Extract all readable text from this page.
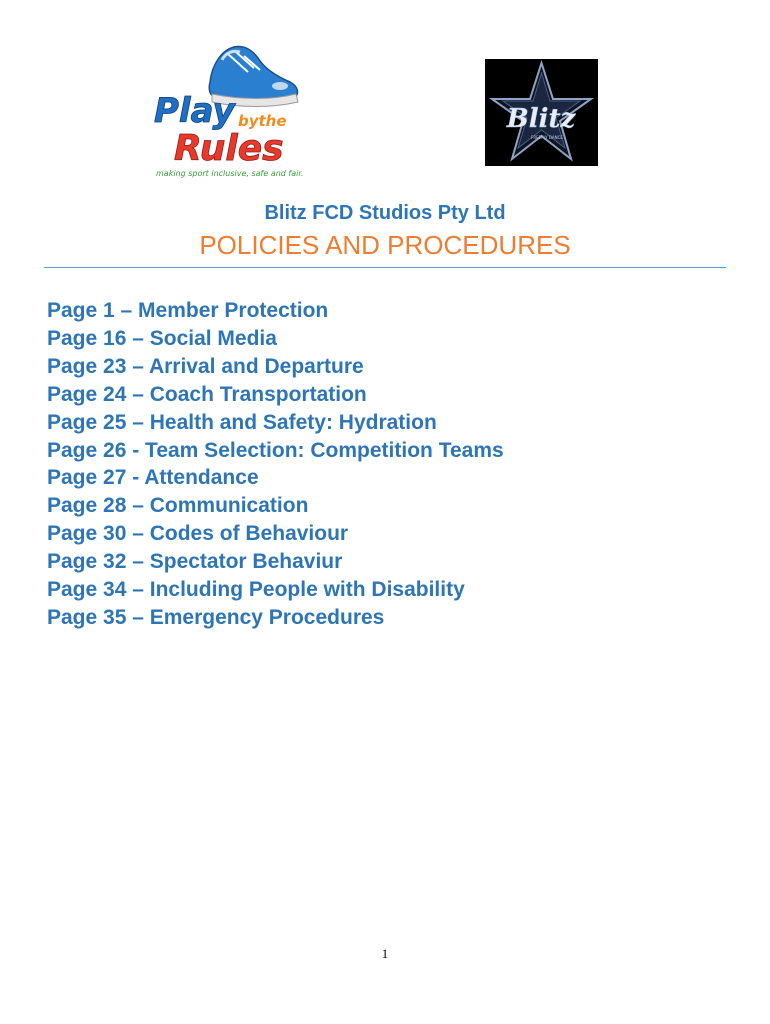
Play bythe
Rules
making sport inclusive, safe and fair.
Blitz
FREEFLY DANCE
Blitz FCD Studios Pty Ltd
POLICIES AND PROCEDURES
Page 1 – Member Protection
Page 16 – Social Media
Page 23 – Arrival and Departure
Page 24 – Coach Transportation
Page 25 – Health and Safety: Hydration
Page 26 - Team Selection: Competition Teams
Page 27 - Attendance
Page 28 – Communication
Page 30 – Codes of Behaviour
Page 32 – Spectator Behaviur
Page 34 – Including People with Disability
Page 35 – Emergency Procedures
1
